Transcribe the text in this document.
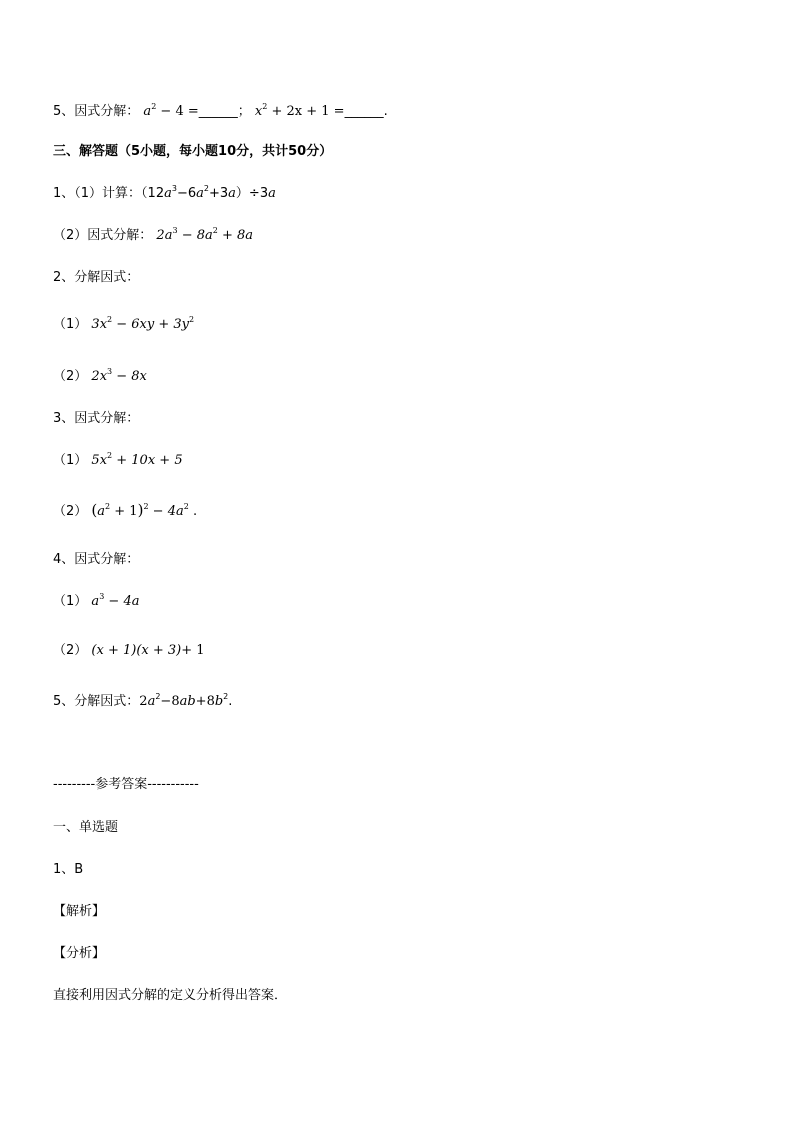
5、因式分解： $a^2 - 4$ =______； $x^2 + 2x + 1$ =______.
三、解答题（5小题，每小题10分，共计50分）
1、（1）计算：$(12a^3-6a^2+3a)\div 3a$
（2）因式分解： $2a^3 - 8a^2 + 8a$
2、分解因式：
（1） $3x^2 - 6xy + 3y^2$
（2） $2x^3 - 8x$
3、因式分解：
（1） $5x^2 + 10x + 5$
（2） $(a^2 + 1)^2 - 4a^2$ .
4、因式分解：
（1） $a^3 - 4a$
（2） (x + 1)(x + 3)+ 1
5、分解因式：$2a^2-8ab+8b^2$.
---------参考答案-----------
一、单选题
1、B
【解析】
【分析】
直接利用因式分解的定义分析得出答案．
